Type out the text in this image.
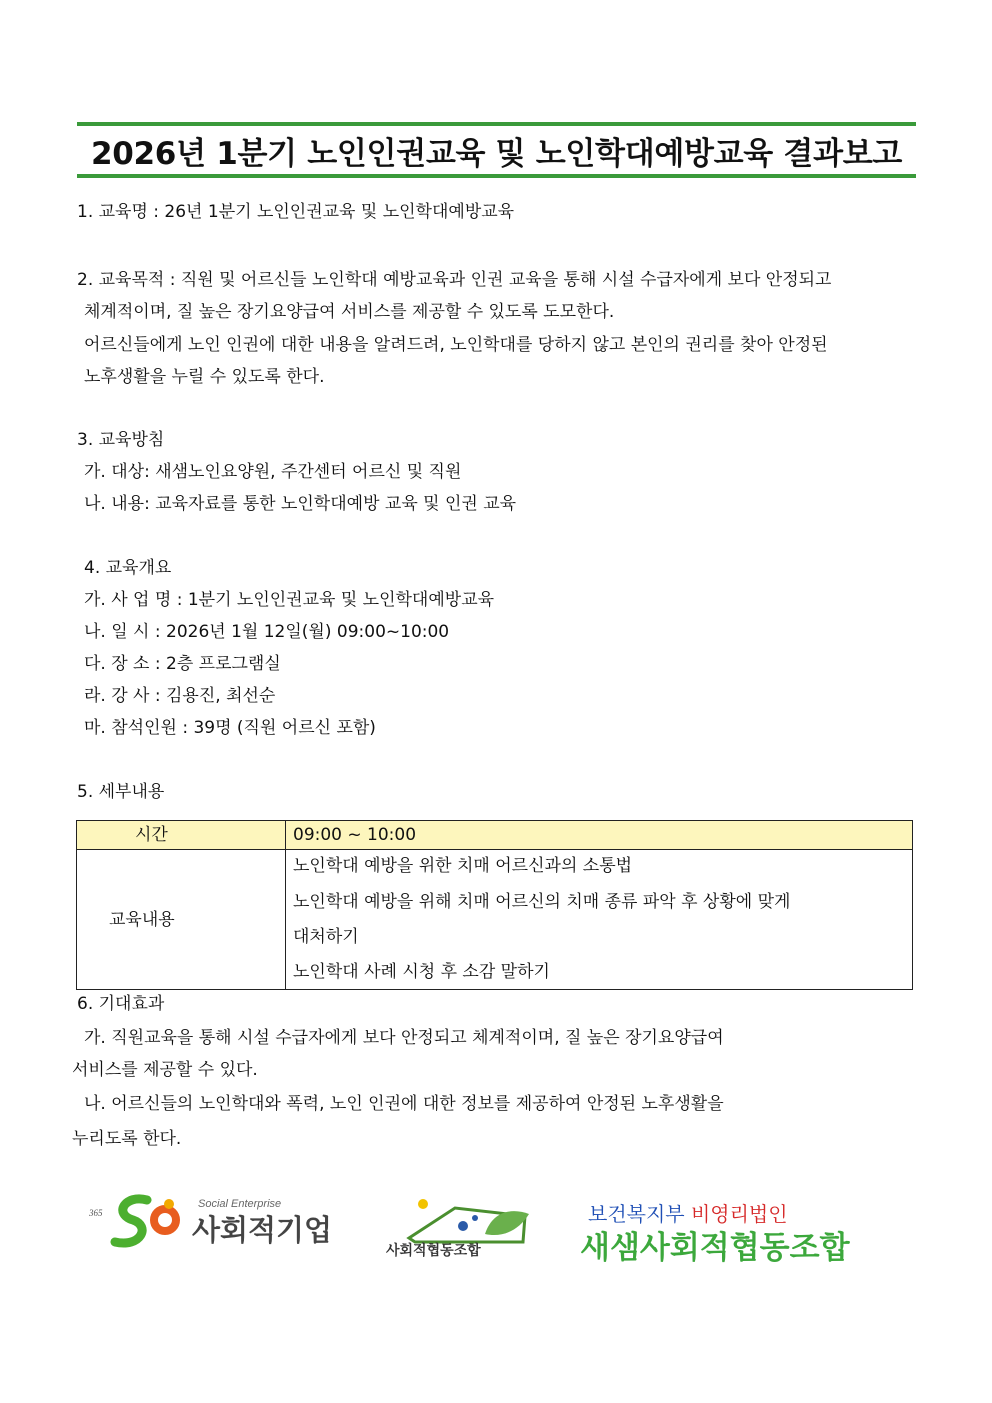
2026년 1분기 노인인권교육 및 노인학대예방교육 결과보고
1. 교육명 : 26년 1분기 노인인권교육 및 노인학대예방교육
2. 교육목적 : 직원 및 어르신들 노인학대 예방교육과 인권 교육을 통해 시설 수급자에게 보다 안정되고
체계적이며, 질 높은 장기요양급여 서비스를 제공할 수 있도록 도모한다.
어르신들에게 노인 인권에 대한 내용을 알려드려, 노인학대를 당하지 않고 본인의 권리를 찾아 안정된
노후생활을 누릴 수 있도록 한다.
3. 교육방침
가. 대상: 새샘노인요양원, 주간센터 어르신 및 직원
나. 내용: 교육자료를 통한 노인학대예방 교육 및 인권 교육
4. 교육개요
가. 사 업 명 : 1분기 노인인권교육 및 노인학대예방교육
나. 일 시 : 2026년 1월 12일(월) 09:00~10:00
다. 장 소 : 2층 프로그램실
라. 강 사 : 김용진, 최선순
마. 참석인원 : 39명 (직원 어르신 포함)
5. 세부내용
시간	09:00 ~ 10:00
교육내용
노인학대 예방을 위한 치매 어르신과의 소통법
노인학대 예방을 위해 치매 어르신의 치매 종류 파악 후 상황에 맞게
대처하기
노인학대 사례 시청 후 소감 말하기
6. 기대효과
가. 직원교육을 통해 시설 수급자에게 보다 안정되고 체계적이며, 질 높은 장기요양급여
서비스를 제공할 수 있다.
나. 어르신들의 노인학대와 폭력, 노인 인권에 대한 정보를 제공하여 안정된 노후생활을
누리도록 한다.
365
Social Enterprise
사회적기업
사회적협동조합
보건복지부 비영리법인
새샘사회적협동조합
